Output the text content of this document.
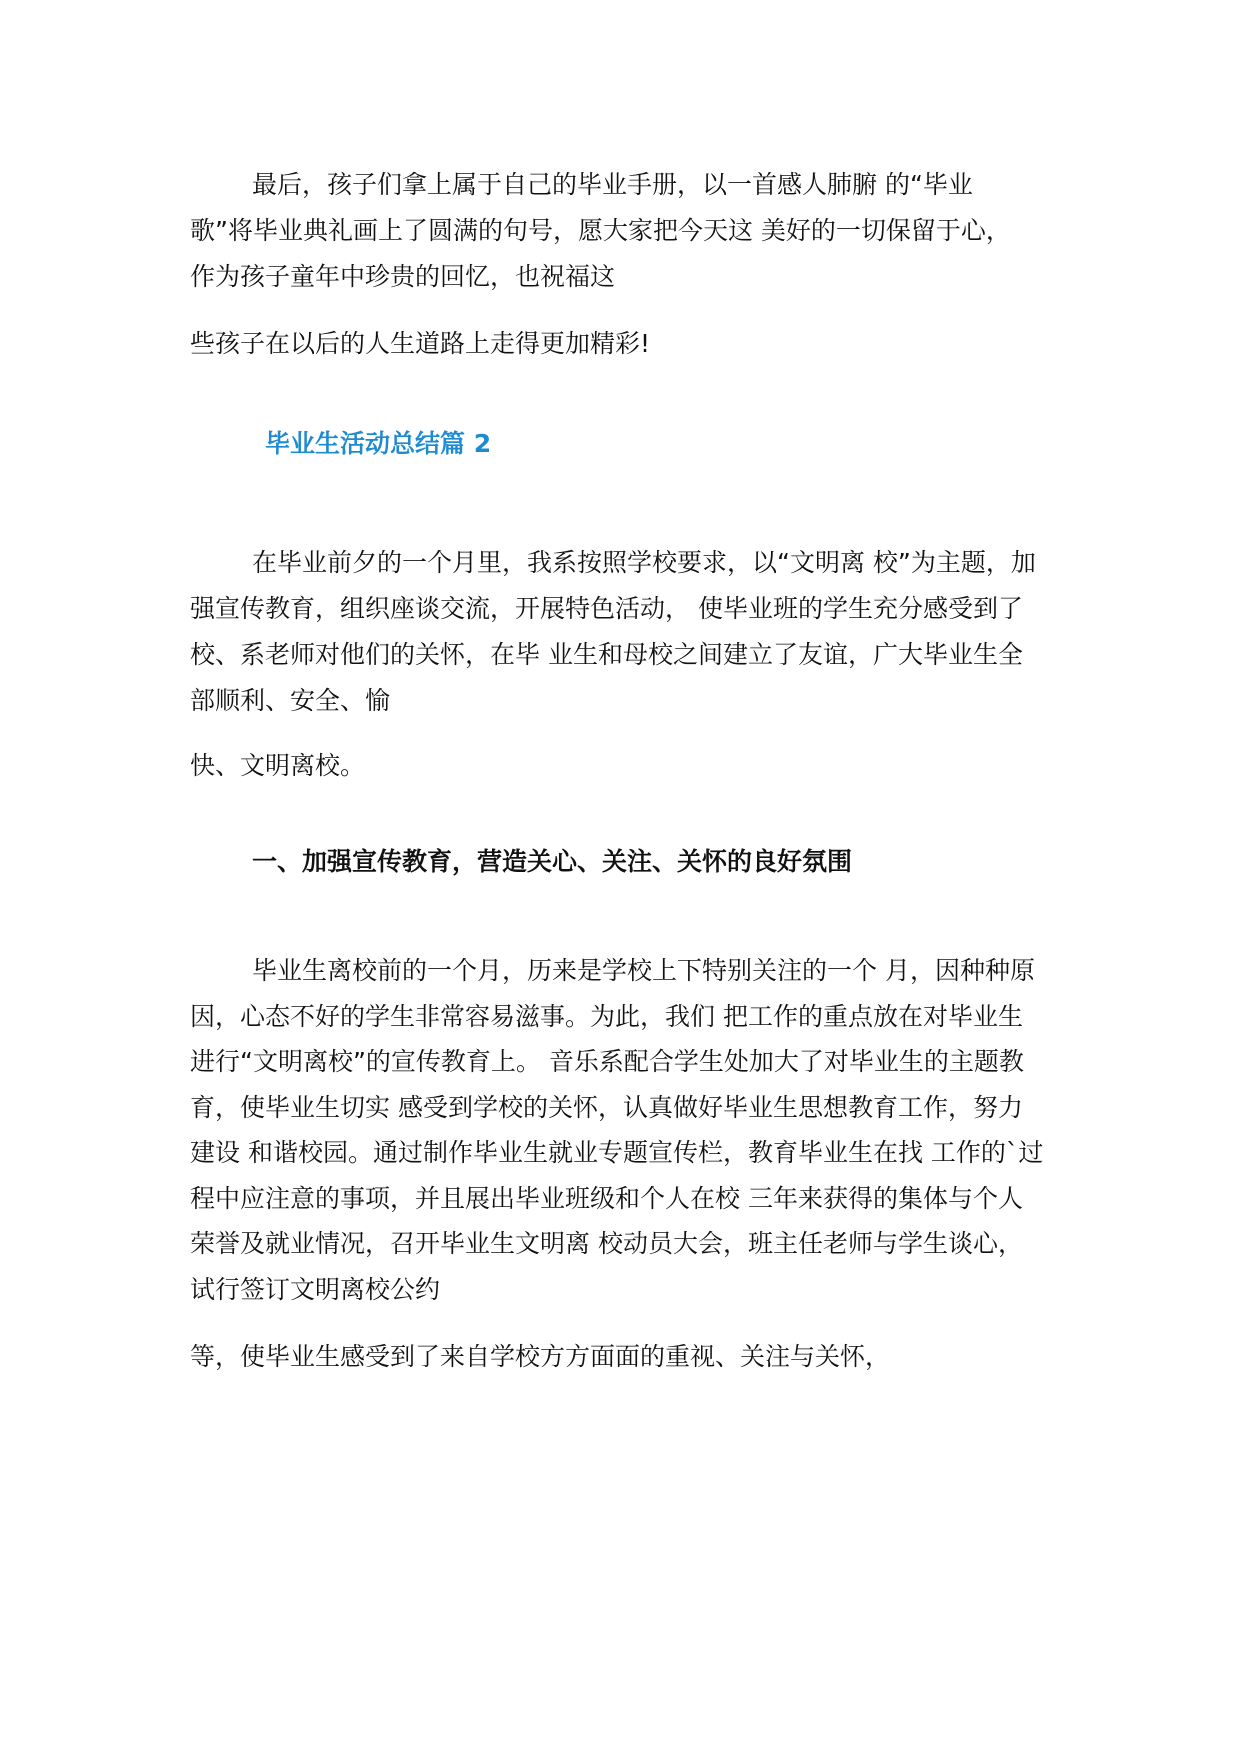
最后，孩子们拿上属于自己的毕业手册，以一首感人肺腑 的“毕业
歌”将毕业典礼画上了圆满的句号，愿大家把今天这 美好的一切保留于心，
作为孩子童年中珍贵的回忆，也祝福这

些孩子在以后的人生道路上走得更加精彩!

毕业生活动总结篇 2

在毕业前夕的一个月里，我系按照学校要求，以“文明离 校”为主题，加
强宣传教育，组织座谈交流，开展特色活动， 使毕业班的学生充分感受到了
校、系老师对他们的关怀，在毕 业生和母校之间建立了友谊，广大毕业生全
部顺利、安全、愉

快、文明离校。

一、加强宣传教育，营造关心、关注、关怀的良好氛围

毕业生离校前的一个月，历来是学校上下特别关注的一个 月，因种种原
因，心态不好的学生非常容易滋事。为此，我们 把工作的重点放在对毕业生
进行“文明离校”的宣传教育上。 音乐系配合学生处加大了对毕业生的主题教
育，使毕业生切实 感受到学校的关怀，认真做好毕业生思想教育工作，努力
建设 和谐校园。通过制作毕业生就业专题宣传栏，教育毕业生在找 工作的`过
程中应注意的事项，并且展出毕业班级和个人在校 三年来获得的集体与个人
荣誉及就业情况，召开毕业生文明离 校动员大会，班主任老师与学生谈心，
试行签订文明离校公约

等，使毕业生感受到了来自学校方方面面的重视、关注与关怀，
